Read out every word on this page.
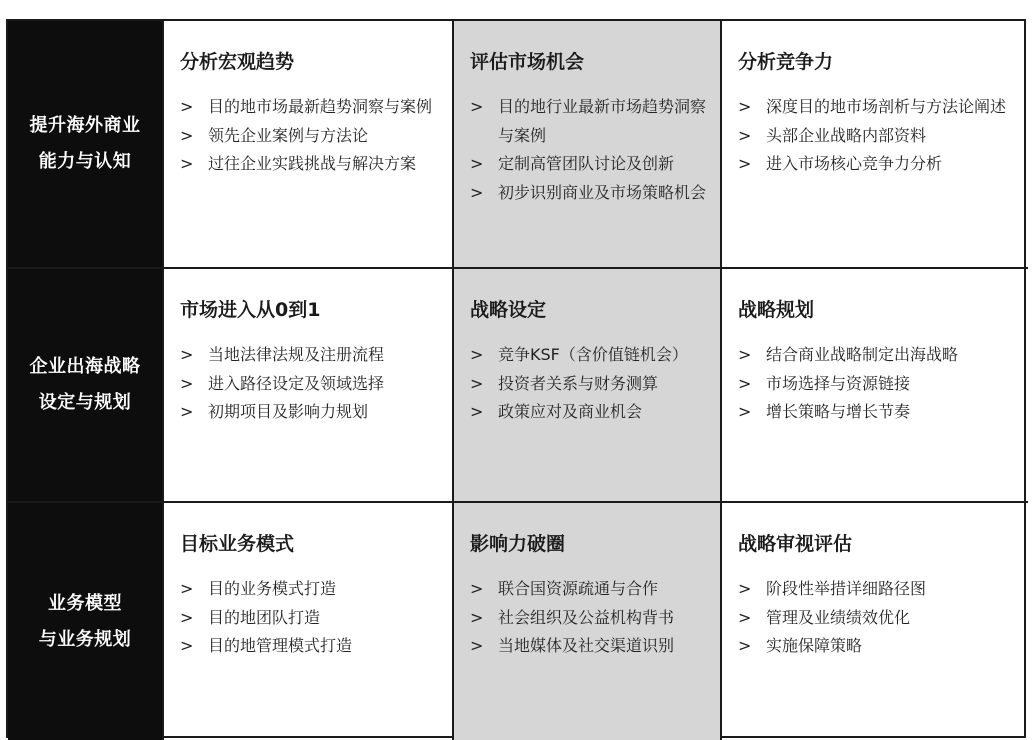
提升海外商业
能力与认知
分析宏观趋势
> 目的地市场最新趋势洞察与案例
> 领先企业案例与方法论
> 过往企业实践挑战与解决方案
评估市场机会
> 目的地行业最新市场趋势洞察与案例
> 定制高管团队讨论及创新
> 初步识别商业及市场策略机会
分析竞争力
> 深度目的地市场剖析与方法论阐述
> 头部企业战略内部资料
> 进入市场核心竞争力分析
企业出海战略
设定与规划
市场进入从0到1
> 当地法律法规及注册流程
> 进入路径设定及领域选择
> 初期项目及影响力规划
战略设定
> 竞争KSF（含价值链机会）
> 投资者关系与财务测算
> 政策应对及商业机会
战略规划
> 结合商业战略制定出海战略
> 市场选择与资源链接
> 增长策略与增长节奏
业务模型
与业务规划
目标业务模式
> 目的业务模式打造
> 目的地团队打造
> 目的地管理模式打造
影响力破圈
> 联合国资源疏通与合作
> 社会组织及公益机构背书
> 当地媒体及社交渠道识别
战略审视评估
> 阶段性举措详细路径图
> 管理及业绩绩效优化
> 实施保障策略
